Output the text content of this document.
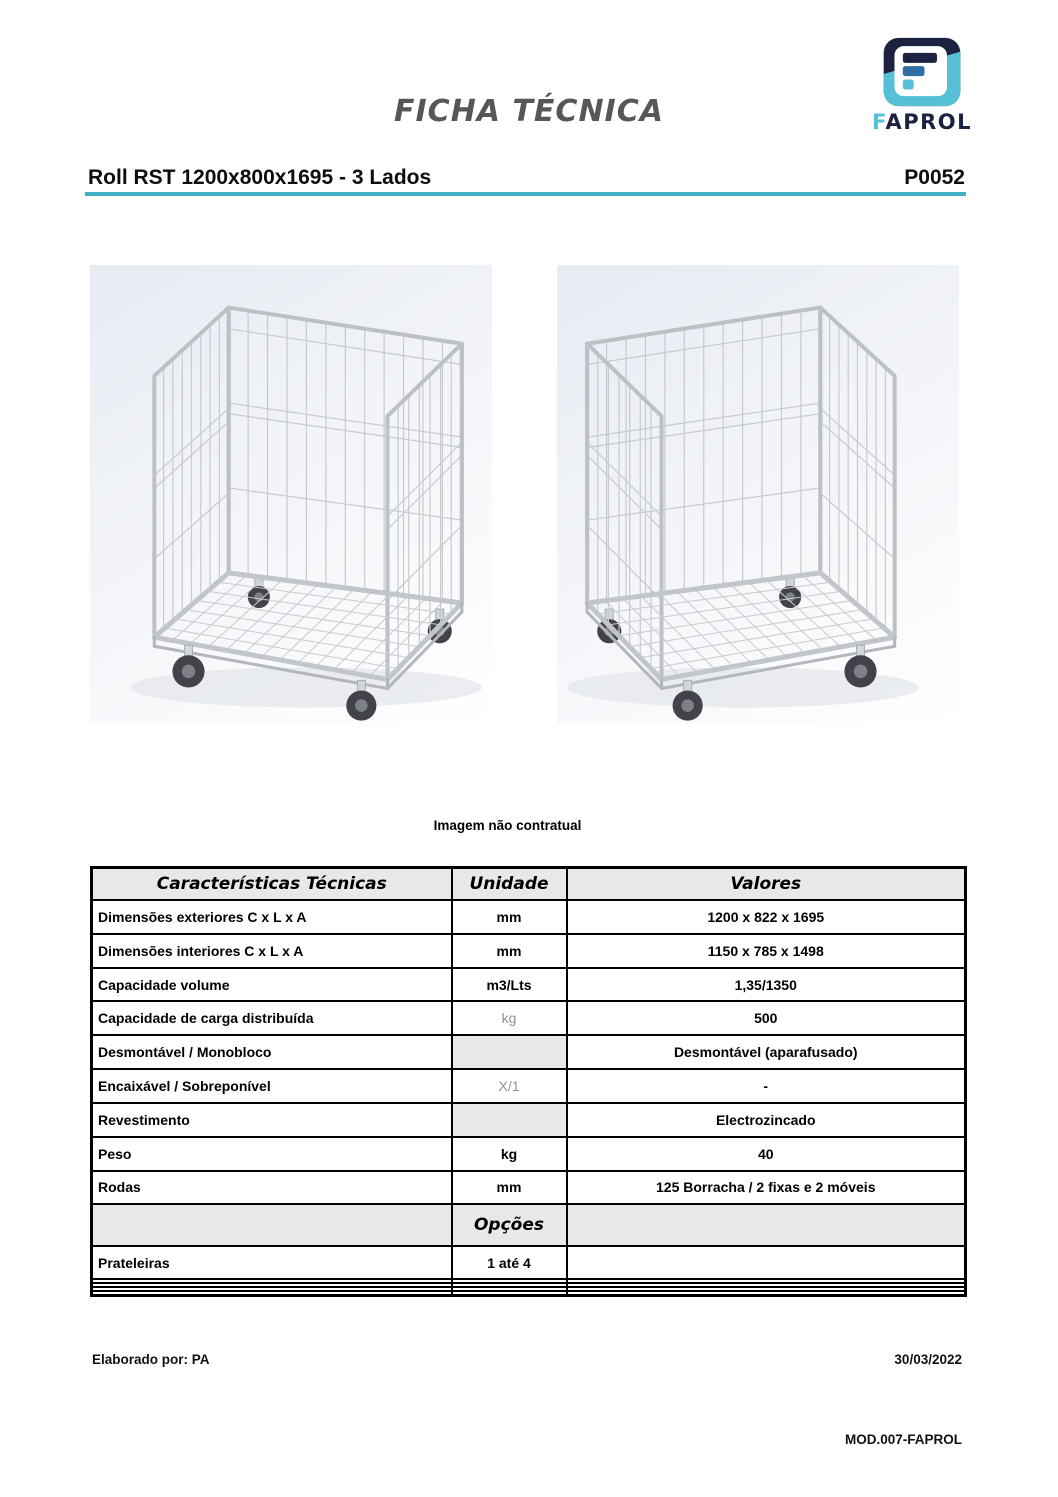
FICHA TÉCNICA	FAPROL
Roll RST 1200x800x1695 - 3 Lados	P0052
Imagem não contratual
Características Técnicas	Unidade	Valores
Dimensões exteriores C x L x A	mm	1200 x 822 x 1695
Dimensões interiores C x L x A	mm	1150 x 785 x 1498
Capacidade volume	m3/Lts	1,35/1350
Capacidade de carga distribuída	kg	500
Desmontável / Monobloco		Desmontável (aparafusado)
Encaixável / Sobreponível	X/1	-
Revestimento		Electrozincado
Peso	kg	40
Rodas	mm	125 Borracha / 2 fixas e 2 móveis
	Opções	
Prateleiras	1 até 4	

Elaborado por: PA	30/03/2022
MOD.007-FAPROL
